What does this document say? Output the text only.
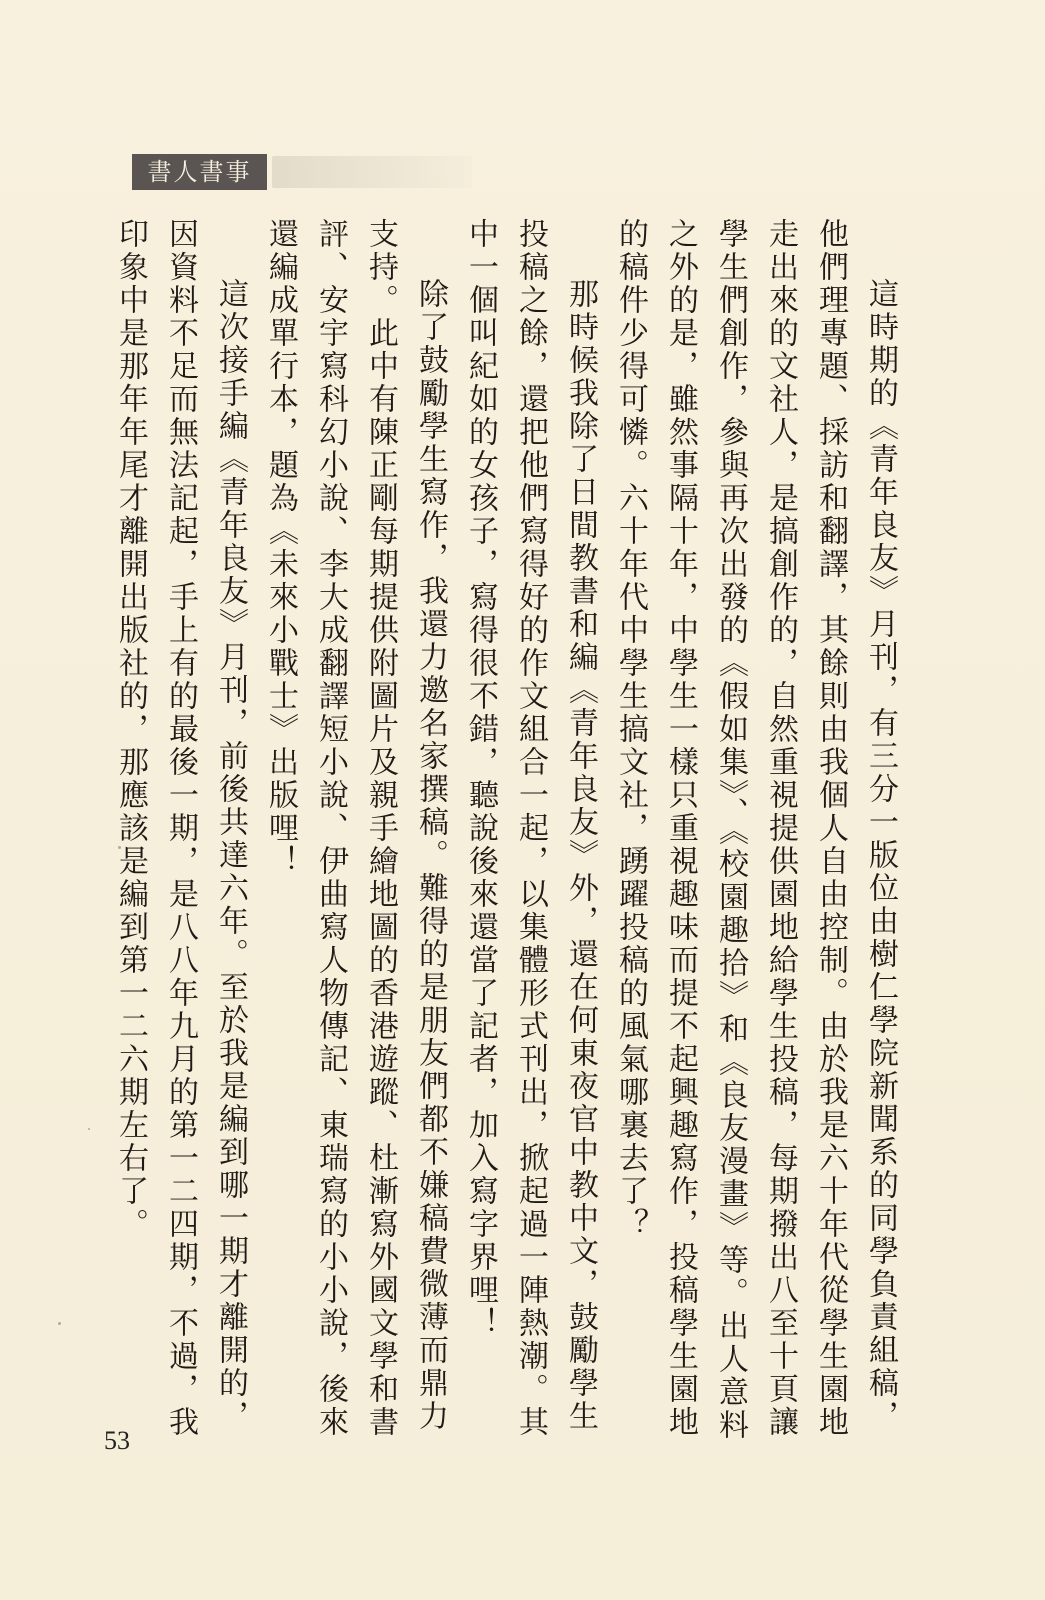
書人書事

這時期的《青年良友》月刊，有三分一版位由樹仁學院新聞系的同學負責組稿，他們理專題、採訪和翻譯，其餘則由我個人自由控制。由於我是六十年代從學生園地走出來的文社人，是搞創作的，自然重視提供園地給學生投稿，每期撥出八至十頁讓學生們創作，參與再次出發的《假如集》、《校園趣拾》和《良友漫畫》等。出人意料之外的是，雖然事隔十年，中學生一樣只重視趣味而提不起興趣寫作，投稿學生園地的稿件少得可憐。六十年代中學生搞文社，踴躍投稿的風氣哪裏去了？

那時候我除了日間教書和編《青年良友》外，還在何東夜官中教中文，鼓勵學生投稿之餘，還把他們寫得好的作文組合一起，以集體形式刊出，掀起過一陣熱潮。其中一個叫紀如的女孩子，寫得很不錯，聽說後來還當了記者，加入寫字界哩！

除了鼓勵學生寫作，我還力邀名家撰稿。難得的是朋友們都不嫌稿費微薄而鼎力支持。此中有陳正剛每期提供附圖片及親手繪地圖的香港遊蹤、杜漸寫外國文學和書評、安宇寫科幻小說、李大成翻譯短小說、伊曲寫人物傳記、東瑞寫的小小說，後來還編成單行本，題為《未來小戰士》出版哩！

這次接手編《青年良友》月刊，前後共達六年。至於我是編到哪一期才離開的，因資料不足而無法記起，手上有的最後一期，是八八年九月的第一二四期，不過，我印象中是那年年尾才離開出版社的，那應該是編到第一二六期左右了。

53
